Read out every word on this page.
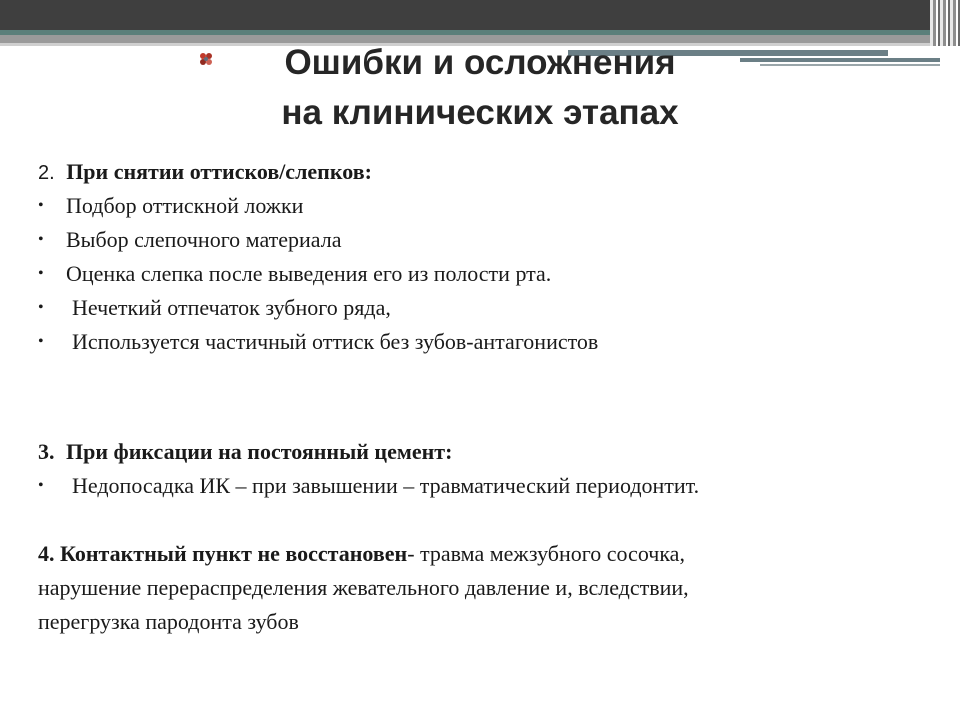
Ошибки и осложнения
на клинических этапах
2. При снятии оттисков/слепков:
• Подбор оттискной ложки
• Выбор слепочного материала
• Оценка слепка после выведения его из полости рта.
• Нечеткий отпечаток зубного ряда,
• Используется частичный оттиск без зубов-антагонистов
3. При фиксации на постоянный цемент:
• Недопосадка ИК – при завышении – травматический периодонтит.
4. Контактный пункт не восстановен- травма межзубного сосочка,
нарушение перераспределения жевательного давление и, вследствии,
перегрузка пародонта зубов
